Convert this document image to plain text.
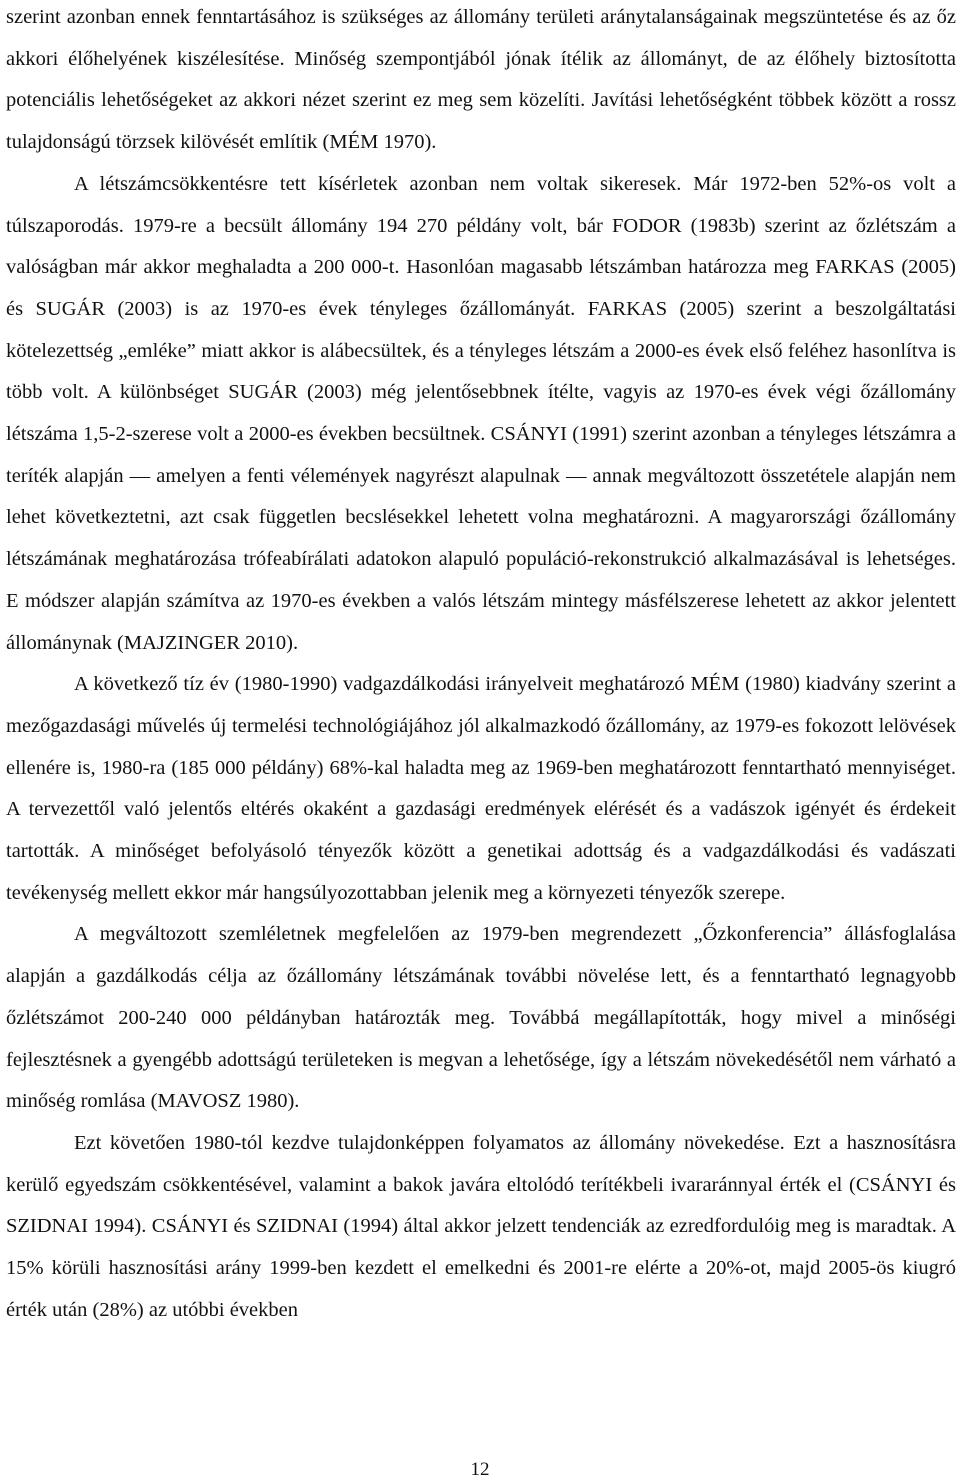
szerint azonban ennek fenntartásához is szükséges az állomány területi aránytalanságainak megszüntetése és az őz akkori élőhelyének kiszélesítése. Minőség szempontjából jónak ítélik az állományt, de az élőhely biztosította potenciális lehetőségeket az akkori nézet szerint ez meg sem közelíti. Javítási lehetőségként többek között a rossz tulajdonságú törzsek kilövését említik (MÉM 1970).

A létszámcsökkentésre tett kísérletek azonban nem voltak sikeresek. Már 1972-ben 52%-os volt a túlszaporodás. 1979-re a becsült állomány 194 270 példány volt, bár FODOR (1983b) szerint az őzlétszám a valóságban már akkor meghaladta a 200 000-t. Hasonlóan magasabb létszámban határozza meg FARKAS (2005) és SUGÁR (2003) is az 1970-es évek tényleges őzállományát. FARKAS (2005) szerint a beszolgáltatási kötelezettség „emléke” miatt akkor is alábecsültek, és a tényleges létszám a 2000-es évek első feléhez hasonlítva is több volt. A különbséget SUGÁR (2003) még jelentősebbnek ítélte, vagyis az 1970-es évek végi őzállomány létszáma 1,5-2-szerese volt a 2000-es években becsültnek. CSÁNYI (1991) szerint azonban a tényleges létszámra a teríték alapján — amelyen a fenti vélemények nagyrészt alapulnak — annak megváltozott összetétele alapján nem lehet következtetni, azt csak független becslésekkel lehetett volna meghatározni. A magyarországi őzállomány létszámának meghatározása trófeabírálati adatokon alapuló populáció-rekonstrukció alkalmazásával is lehetséges. E módszer alapján számítva az 1970-es években a valós létszám mintegy másfélszerese lehetett az akkor jelentett állománynak (MAJZINGER 2010).

A következő tíz év (1980-1990) vadgazdálkodási irányelveit meghatározó MÉM (1980) kiadvány szerint a mezőgazdasági művelés új termelési technológiájához jól alkalmazkodó őzállomány, az 1979-es fokozott lelövések ellenére is, 1980-ra (185 000 példány) 68%-kal haladta meg az 1969-ben meghatározott fenntartható mennyiséget. A tervezettől való jelentős eltérés okaként a gazdasági eredmények elérését és a vadászok igényét és érdekeit tartották. A minőséget befolyásoló tényezők között a genetikai adottság és a vadgazdálkodási és vadászati tevékenység mellett ekkor már hangsúlyozottabban jelenik meg a környezeti tényezők szerepe.

A megváltozott szemléletnek megfelelően az 1979-ben megrendezett „Őzkonferencia” állásfoglalása alapján a gazdálkodás célja az őzállomány létszámának további növelése lett, és a fenntartható legnagyobb őzlétszámot 200-240 000 példányban határozták meg. Továbbá megállapították, hogy mivel a minőségi fejlesztésnek a gyengébb adottságú területeken is megvan a lehetősége, így a létszám növekedésétől nem várható a minőség romlása (MAVOSZ 1980).

Ezt követően 1980-tól kezdve tulajdonképpen folyamatos az állomány növekedése. Ezt a hasznosításra kerülő egyedszám csökkentésével, valamint a bakok javára eltolódó terítékbeli ivararánnyal érték el (CSÁNYI és SZIDNAI 1994). CSÁNYI és SZIDNAI (1994) által akkor jelzett tendenciák az ezredfordulóig meg is maradtak. A 15% körüli hasznosítási arány 1999-ben kezdett el emelkedni és 2001-re elérte a 20%-ot, majd 2005-ös kiugró érték után (28%) az utóbbi években

12
